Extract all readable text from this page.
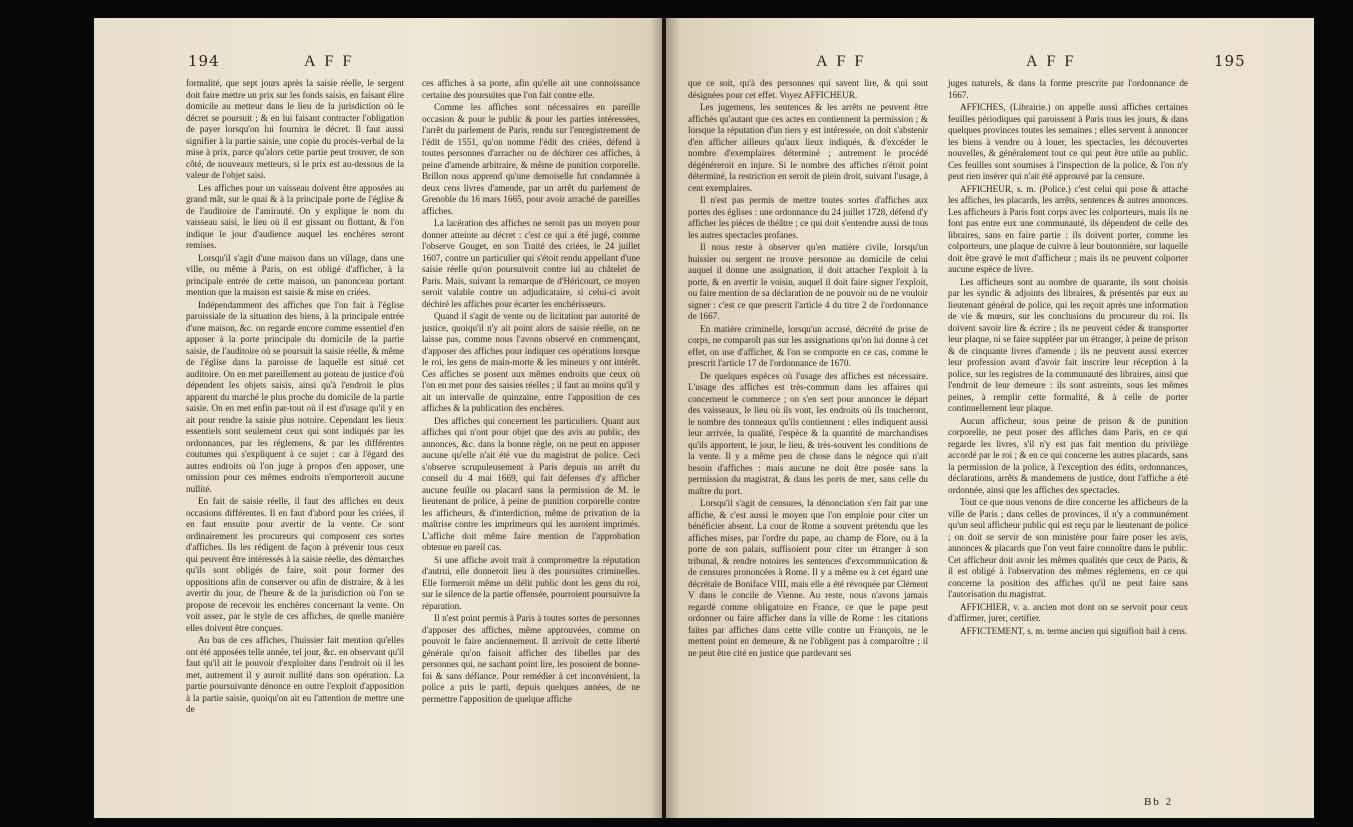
194	AFF

formalité, que sept jours après la saisie réelle, le sergent doit faire mettre un prix sur les fonds saisis, en faisant élire domicile au metteur dans le lieu de la jurisdiction où le décret se poursuit ; & en lui faisant contracter l'obligation de payer lorsqu'on lui fournira le décret. Il faut aussi signifier à la partie saisie, une copie du procès-verbal de la mise à prix, parce qu'alors cette partie peut trouver, de son côté, de nouveaux metteurs, si le prix est au-dessous de la valeur de l'objet saisi.

Les affiches pour un vaisseau doivent être apposées au grand mât, sur le quai & à la principale porte de l'église & de l'auditoire de l'amirauté. On y explique le nom du vaisseau saisi, le lieu où il est gissant ou flottant, & l'on indique le jour d'audience auquel les enchères seront remises.

Lorsqu'il s'agit d'une maison dans un village, dans une ville, ou même à Paris, on est obligé d'afficher, à la principale entrée de cette maison, un panonceau portant mention que la maison est saisie & mise en criées.

Indépendamment des affiches que l'on fait à l'église paroissiale de la situation des biens, à la principale entrée d'une maison, &c. on regarde encore comme essentiel d'en apposer à la porte principale du domicile de la partie saisie, de l'auditoire où se poursuit la saisie réelle, & même de l'église dans la paroisse de laquelle est situé cet auditoire. On en met pareillement au poteau de justice d'où dépendent les objets saisis, ainsi qu'à l'endroit le plus apparent du marché le plus proche du domicile de la partie saisie. On en met enfin par-tout où il est d'usage qu'il y en ait pour rendre la saisie plus notoire. Cependant les lieux essentiels sont seulement ceux qui sont indiqués par les ordonnances, par les réglemens, & par les différentes coutumes qui s'expliquent à ce sujet : car à l'égard des autres endroits où l'on juge à propos d'en apposer, une omission pour ces mêmes endroits n'emporteroit aucune nullité.

En fait de saisie réelle, il faut des affiches en deux occasions différentes. Il en faut d'abord pour les criées, il en faut ensuite pour avertir de la vente. Ce sont ordinairement les procureurs qui composent ces sortes d'affiches. Ils les rédigent de façon à prévenir tous ceux qui peuvent être intéressés à la saisie réelle, des démarches qu'ils sont obligés de faire, soit pour former des oppositions afin de conserver ou afin de distraire, & à les avertir du jour, de l'heure & de la jurisdiction où l'on se propose de recevoir les enchères concernant la vente. On voit assez, par le style de ces affiches, de quelle manière elles doivent être conçues.

Au bas de ces affiches, l'huissier fait mention qu'elles ont été apposées telle année, tel jour, &c. en observant qu'il faut qu'il ait le pouvoir d'exploiter dans l'endroit où il les met, autrement il y auroit nullité dans son opération. La partie poursuivante dénonce en outre l'exploit d'apposition à la partie saisie, quoiqu'on ait eu l'attention de mettre une de

ces affiches à sa porte, afin qu'elle ait une connoissance certaine des poursuites que l'on fait contre elle.

Comme les affiches sont nécessaires en pareille occasion & pour le public & pour les parties intéressées, l'arrêt du parlement de Paris, rendu sur l'enregistrement de l'édit de 1551, qu'on nomme l'édit des criées, défend à toutes personnes d'arracher ou de déchirer ces affiches, à peine d'amende arbitraire, & même de punition corporelle. Brillon nous apprend qu'une demoiselle fut condamnée à deux cens livres d'amende, par un arrêt du parlement de Grenoble du 16 mars 1665, pour avoir arraché de pareilles affiches.

La lacération des affiches ne seroit pas un moyen pour donner atteinte au décret : c'est ce qui a été jugé, comme l'observe Gouget, en son Traité des criées, le 24 juillet 1607, contre un particulier qui s'étoit rendu appellant d'une saisie réelle qu'on poursuivoit contre lui au châtelet de Paris. Mais, suivant la remarque de d'Héricourt, ce moyen seroit valable contre un adjudicataire, si celui-ci avoit déchiré les affiches pour écarter les enchérisseurs.

Quand il s'agit de vente ou de licitation par autorité de justice, quoiqu'il n'y ait point alors de saisie réelle, on ne laisse pas, comme nous l'avons observé en commençant, d'apposer des affiches pour indiquer ces opérations lorsque le roi, les gens de main-morte & les mineurs y ont intérêt. Ces affiches se posent aux mêmes endroits que ceux où l'on en met pour des saisies réelles ; il faut au moins qu'il y ait un intervalle de quinzaine, entre l'apposition de ces affiches & la publication des enchères.

Des affiches qui concernent les particuliers. Quant aux affiches qui n'ont pour objet que des avis au public, des annonces, &c. dans la bonne règle, on ne peut en apposer aucune qu'elle n'ait été vue du magistrat de police. Ceci s'observe scrupuleusement à Paris depuis un arrêt du conseil du 4 mai 1669, qui fait défenses d'y afficher aucune feuille ou placard sans la permission de M. le lieutenant de police, à peine de punition corporelle contre les afficheurs, & d'interdiction, même de privation de la maîtrise contre les imprimeurs qui les auroient imprimés. L'affiche doit même faire mention de l'approbation obtenue en pareil cas.

Si une affiche avoit trait à compromettre la réputation d'autrui, elle donneroit lieu à des poursuites criminelles. Elle formeroit même un délit public dont les gens du roi, sur le silence de la partie offensée, pourroient poursuivre la réparation.

Il n'est point permis à Paris à toutes sortes de personnes d'apposer des affiches, même approuvées, comme on pouvoit le faire anciennement. Il arrivoit de cette liberté générale qu'on faisoit afficher des libelles par des personnes qui, ne sachant point lire, les posoient de bonne-foi & sans défiance. Pour remédier à cet inconvénient, la police a pris le parti, depuis quelques années, de ne permettre l'apposition de quelque affiche

AFF	AFF	195

que ce soit, qu'à des personnes qui savent lire, & qui sont désignées pour cet effet. Voyez AFFICHEUR.

Les jugemens, les sentences & les arrêts ne peuvent être affichés qu'autant que ces actes en contiennent la permission ; & lorsque la réputation d'un tiers y est intéressée, on doit s'abstenir d'en afficher ailleurs qu'aux lieux indiqués, & d'excéder le nombre d'exemplaires déterminé ; autrement le procédé dégénéreroit en injure. Si le nombre des affiches n'étoit point déterminé, la restriction en seroit de plein droit, suivant l'usage, à cent exemplaires.

Il n'est pas permis de mettre toutes sortes d'affiches aux portes des églises : une ordonnance du 24 juillet 1728, défend d'y afficher les pièces de théâtre ; ce qui doit s'entendre aussi de tous les autres spectacles profanes.

Il nous reste à observer qu'en matière civile, lorsqu'un huissier ou sergent ne trouve personne au domicile de celui auquel il donne une assignation, il doit attacher l'exploit à la porte, & en avertir le voisin, auquel il doit faire signer l'exploit, ou faire mention de sa déclaration de ne pouvoir ou de ne vouloir signer : c'est ce que prescrit l'article 4 du titre 2 de l'ordonnance de 1667.

En matière criminelle, lorsqu'un accusé, décrété de prise de corps, ne comparoît pas sur les assignations qu'on lui donne à cet effet, on use d'afficher, & l'on se comporte en ce cas, comme le prescrit l'article 17 de l'ordonnance de 1670.

De quelques espèces où l'usage des affiches est nécessaire. L'usage des affiches est très-commun dans les affaires qui concernent le commerce ; on s'en sert pour annoncer le départ des vaisseaux, le lieu où ils vont, les endroits où ils toucheront, le nombre des tonneaux qu'ils contiennent : elles indiquent aussi leur arrivée, la qualité, l'espèce & la quantité de marchandises qu'ils apportent, le jour, le lieu, & très-souvent les conditions de la vente. Il y a même peu de chose dans le négoce qui n'ait besoin d'affiches : mais aucune ne doit être posée sans la permission du magistrat, & dans les ports de mer, sans celle du maître du port.

Lorsqu'il s'agit de censures, la dénonciation s'en fait par une affiche, & c'est aussi le moyen que l'on emploie pour citer un bénéficier absent. La cour de Rome a souvent prétendu que les affiches mises, par l'ordre du pape, au champ de Flore, ou à la porte de son palais, suffisoient pour citer un étranger à son tribunal, & rendre notoires les sentences d'excommunication & de censures prononcées à Rome. Il y a même eu à cet égard une décrétale de Boniface VIII, mais elle a été révoquée par Clément V dans le concile de Vienne. Au reste, nous n'avons jamais regardé comme obligatoire en France, ce que le pape peut ordonner ou faire afficher dans la ville de Rome : les citations faites par affiches dans cette ville contre un François, ne le mettent point en demeure, & ne l'obligent pas à comparoître ; il ne peut être cité en justice que pardevant ses

juges naturels, & dans la forme prescrite par l'ordonnance de 1667.

AFFICHES, (Librairie.) on appelle aussi affiches certaines feuilles périodiques qui paroissent à Paris tous les jours, & dans quelques provinces toutes les semaines ; elles servent à annoncer les biens à vendre ou à louer, les spectacles, les découvertes nouvelles, & généralement tout ce qui peut être utile au public. Ces feuilles sont soumises à l'inspection de la police, & l'on n'y peut rien insérer qui n'ait été approuvé par la censure.

AFFICHEUR, s. m. (Police.) c'est celui qui pose & attache les affiches, les placards, les arrêts, sentences & autres annonces. Les afficheurs à Paris font corps avec les colporteurs, mais ils ne font pas entre eux une communauté, ils dépendent de celle des libraires, sans en faire partie : ils doivent porter, comme les colporteurs, une plaque de cuivre à leur boutonnière, sur laquelle doit être gravé le mot d'afficheur ; mais ils ne peuvent colporter aucune espèce de livre.

Les afficheurs sont au nombre de quarante, ils sont choisis par les syndic & adjoints des libraires, & présentés par eux au lieutenant général de police, qui les reçoit après une information de vie & mœurs, sur les conclusions du procureur du roi. Ils doivent savoir lire & écrire ; ils ne peuvent céder & transporter leur plaque, ni se faire suppléer par un étranger, à peine de prison & de cinquante livres d'amende ; ils ne peuvent aussi exercer leur profession avant d'avoir fait inscrire leur réception à la police, sur les registres de la communauté des libraires, ainsi que l'endroit de leur demeure : ils sont astreints, sous les mêmes peines, à remplir cette formalité, & à celle de porter continuellement leur plaque.

Aucun afficheur, sous peine de prison & de punition corporelle, ne peut poser des affiches dans Paris, en ce qui regarde les livres, s'il n'y est pas fait mention du privilège accordé par le roi ; & en ce qui concerne les autres placards, sans la permission de la police, à l'exception des édits, ordonnances, déclarations, arrêts & mandemens de justice, dont l'affiche a été ordonnée, ainsi que les affiches des spectacles.

Tout ce que nous venons de dire concerne les afficheurs de la ville de Paris ; dans celles de provinces, il n'y a communément qu'un seul afficheur public qui est reçu par le lieutenant de police ; on doit se servir de son ministère pour faire poser les avis, annonces & placards que l'on veut faire connoître dans le public. Cet afficheur doit avoir les mêmes qualités que ceux de Paris, & il est obligé à l'observation des mêmes réglemens, en ce qui concerne la position des affiches qu'il ne peut faire sans l'autorisation du magistrat.

AFFICHIER, v. a. ancien mot dont on se servoit pour ceux d'affirmer, jurer, certifier.

AFFICTEMENT, s. m. terme ancien qui signifioit bail à cens.

Bb 2
